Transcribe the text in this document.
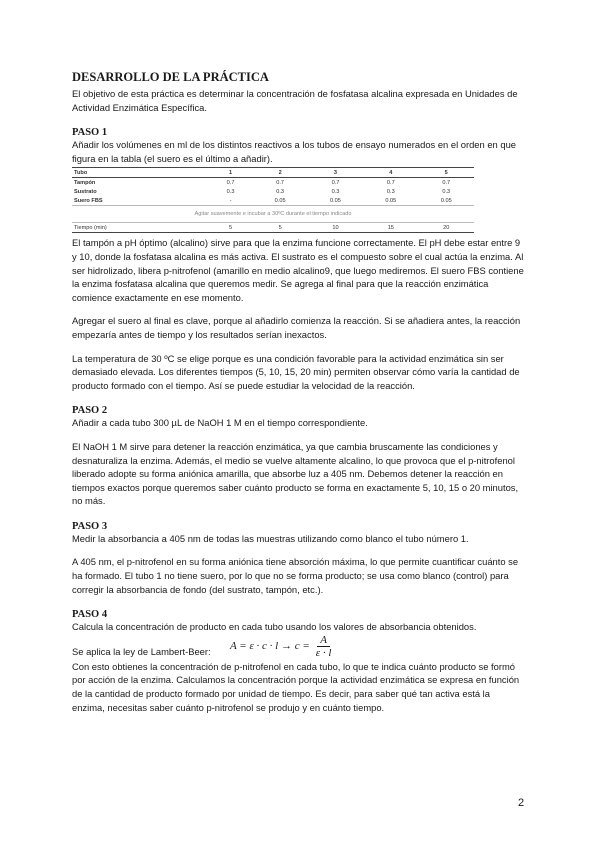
DESARROLLO DE LA PRÁCTICA

El objetivo de esta práctica es determinar la concentración de fosfatasa alcalina expresada en Unidades de Actividad Enzimática Específica.

PASO 1

Añadir los volúmenes en ml de los distintos reactivos a los tubos de ensayo numerados en el orden en que figura en la tabla (el suero es el último a añadir).

Tubo	1	2	3	4	5
Tampón	0.7	0.7	0.7	0.7	0.7
Sustrato	0.3	0.3	0.3	0.3	0.3
Suero FBS	-	0.05	0.05	0.05	0.05
Agitar suavemente e incubar a 30ºC durante el tiempo indicado					
Tiempo (min)	5	5	10	15	20

El tampón a pH óptimo (alcalino) sirve para que la enzima funcione correctamente. El pH debe estar entre 9 y 10, donde la fosfatasa alcalina es más activa. El sustrato es el compuesto sobre el cual actúa la enzima. Al ser hidrolizado, libera p-nitrofenol (amarillo en medio alcalino9, que luego mediremos. El suero FBS contiene la enzima fosfatasa alcalina que queremos medir. Se agrega al final para que la reacción enzimática comience exactamente en ese momento.

Agregar el suero al final es clave, porque al añadirlo comienza la reacción. Si se añadiera antes, la reacción empezaría antes de tiempo y los resultados serían inexactos.

La temperatura de 30 ºC se elige porque es una condición favorable para la actividad enzimática sin ser demasiado elevada. Los diferentes tiempos (5, 10, 15, 20 min) permiten observar cómo varía la cantidad de producto formado con el tiempo. Así se puede estudiar la velocidad de la reacción.

PASO 2

Añadir a cada tubo 300 µL de NaOH 1 M en el tiempo correspondiente.

El NaOH 1 M sirve para detener la reacción enzimática, ya que cambia bruscamente las condiciones y desnaturaliza la enzima. Además, el medio se vuelve altamente alcalino, lo que provoca que el p-nitrofenol liberado adopte su forma aniónica amarilla, que absorbe luz a 405 nm. Debemos detener la reacción en tiempos exactos porque queremos saber cuánto producto se forma en exactamente 5, 10, 15 o 20 minutos, no más.

PASO 3

Medir la absorbancia a 405 nm de todas las muestras utilizando como blanco el tubo número 1.

A 405 nm, el p-nitrofenol en su forma aniónica tiene absorción máxima, lo que permite cuantificar cuánto se ha formado. El tubo 1 no tiene suero, por lo que no se forma producto; se usa como blanco (control) para corregir la absorbancia de fondo (del sustrato, tampón, etc.).

PASO 4

Calcula la concentración de producto en cada tubo usando los valores de absorbancia obtenidos.

Se aplica la ley de Lambert-Beer: $A = \varepsilon \cdot c \cdot l \to c = \frac{A}{\varepsilon \cdot l}$

Con esto obtienes la concentración de p-nitrofenol en cada tubo, lo que te indica cuánto producto se formó por acción de la enzima. Calculamos la concentración porque la actividad enzimática se expresa en función de la cantidad de producto formado por unidad de tiempo. Es decir, para saber qué tan activa está la enzima, necesitas saber cuánto p-nitrofenol se produjo y en cuánto tiempo.

2
